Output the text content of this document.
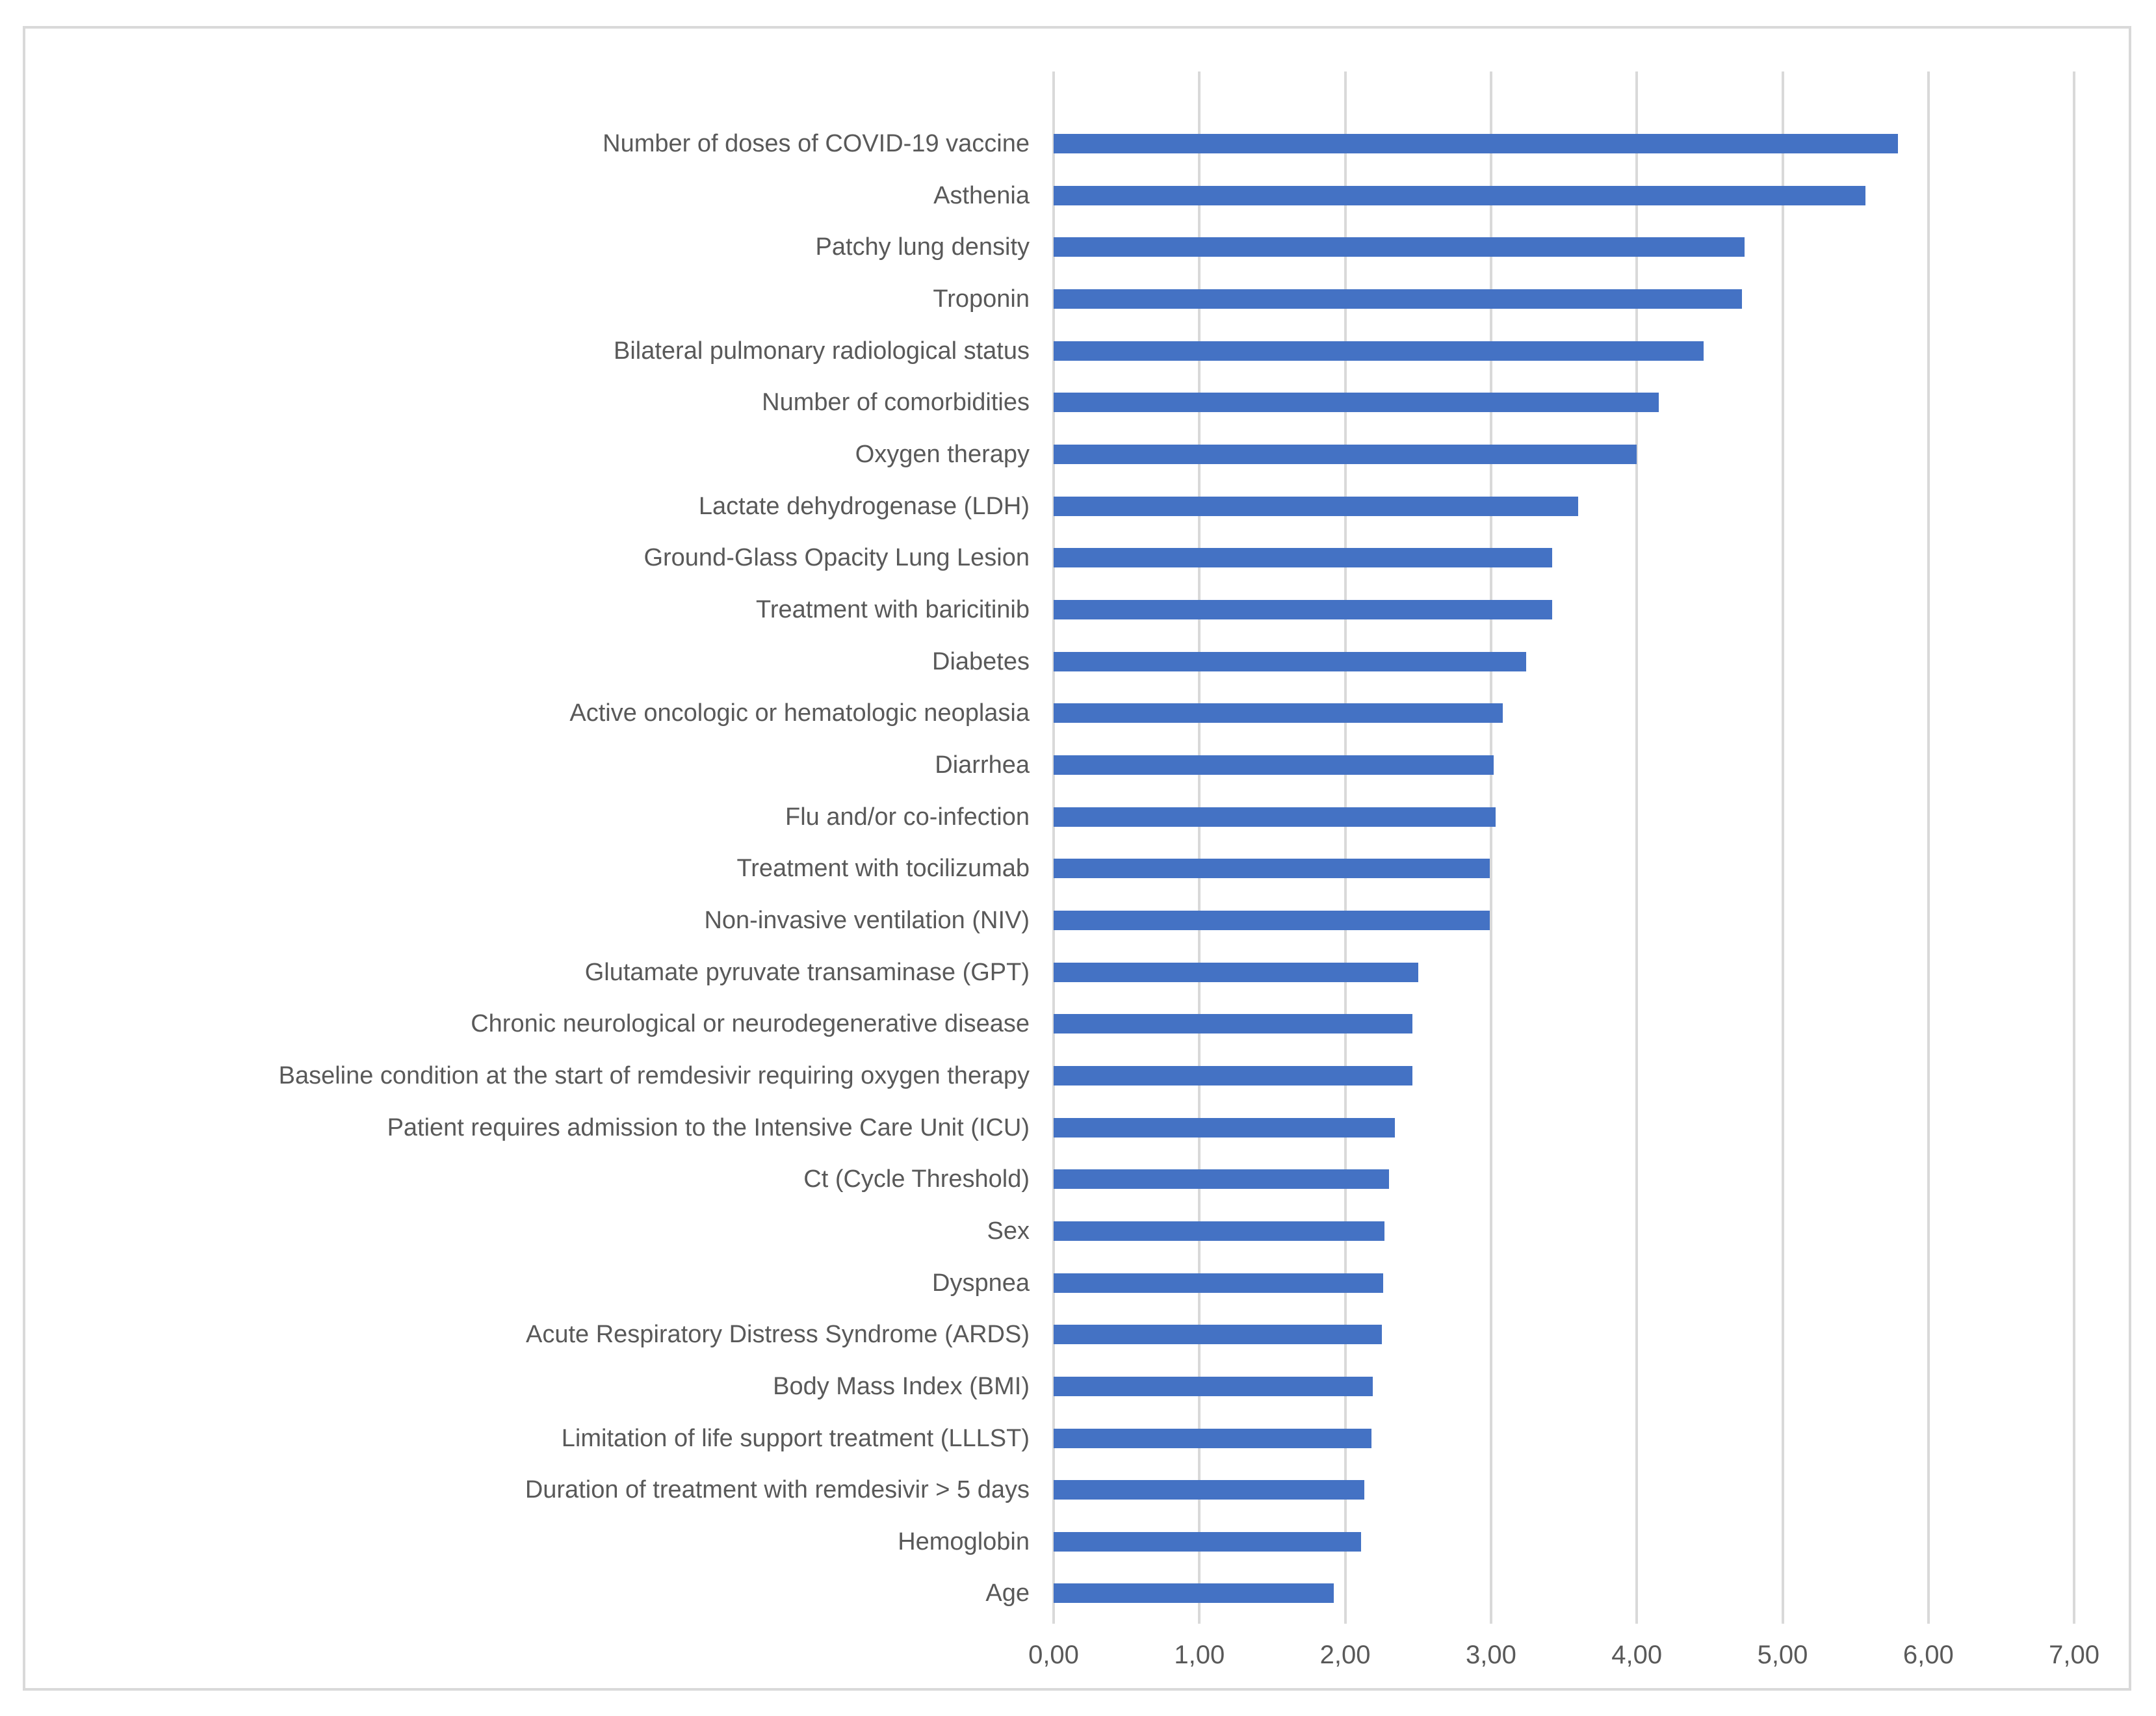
Number of doses of COVID-19 vaccine
Asthenia
Patchy lung density
Troponin
Bilateral pulmonary radiological status
Number of comorbidities
Oxygen therapy
Lactate dehydrogenase (LDH)
Ground-Glass Opacity Lung Lesion
Treatment with baricitinib
Diabetes
Active oncologic or hematologic neoplasia
Diarrhea
Flu and/or co-infection
Treatment with tocilizumab
Non-invasive ventilation (NIV)
Glutamate pyruvate transaminase (GPT)
Chronic neurological or neurodegenerative disease
Baseline condition at the start of remdesivir requiring oxygen therapy
Patient requires admission to the Intensive Care Unit (ICU)
Ct (Cycle Threshold)
Sex
Dyspnea
Acute Respiratory Distress Syndrome (ARDS)
Body Mass Index (BMI)
Limitation of life support treatment (LLLST)
Duration of treatment with remdesivir > 5 days
Hemoglobin
Age
0,00	1,00	2,00	3,00	4,00	5,00	6,00	7,00
